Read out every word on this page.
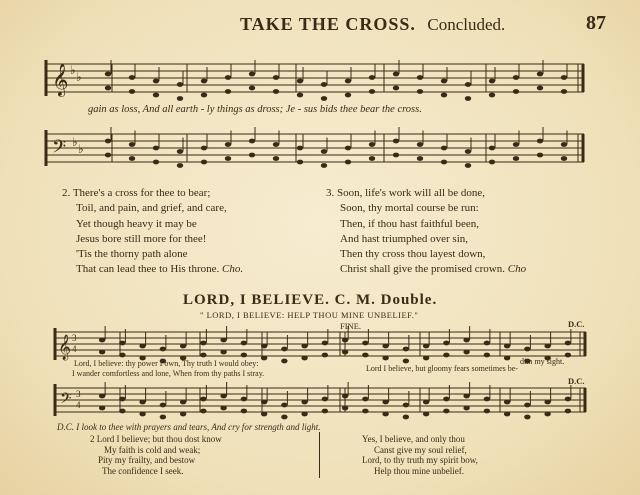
TAKE THE CROSS. Concluded.	87
𝄞 ♭ ♭
gain as loss, And all earth - ly things as dross; Je - sus bids thee bear the cross.
𝄢 ♭ ♭
2. There's a cross for thee to bear;
Toil, and pain, and grief, and care,
Yet though heavy it may be
Jesus bore still more for thee!
'Tis the thorny path alone
That can lead thee to His throne. Cho.
3. Soon, life's work will all be done,
Soon, thy mortal course be run:
Then, if thou hast faithful been,
And hast triumphed over sin,
Then thy cross thou layest down,
Christ shall give the promised crown. Cho
LORD, I BELIEVE. C. M. Double.
" LORD, I BELIEVE: HELP THOU MINE UNBELIEF."
FINE.	D.C.
𝄞 3
4
Lord, I believe: thy power I own, Thy truth I would obey:
I wander comfortless and lone, When from thy paths I stray.
Lord I believe, but gloomy fears sometimes be-
dim my sight.
D.C.
𝄢 3
4
D.C. I look to thee with prayers and tears, And cry for strength and light.
2 Lord I believe; but thou dost know
My faith is cold and weak;
Pity my frailty, and bestow
The confidence I seek.
Yes, I believe, and only thou
Canst give my soul relief,
Lord, to thy truth my spirit bow,
Help thou mine unbelief.
